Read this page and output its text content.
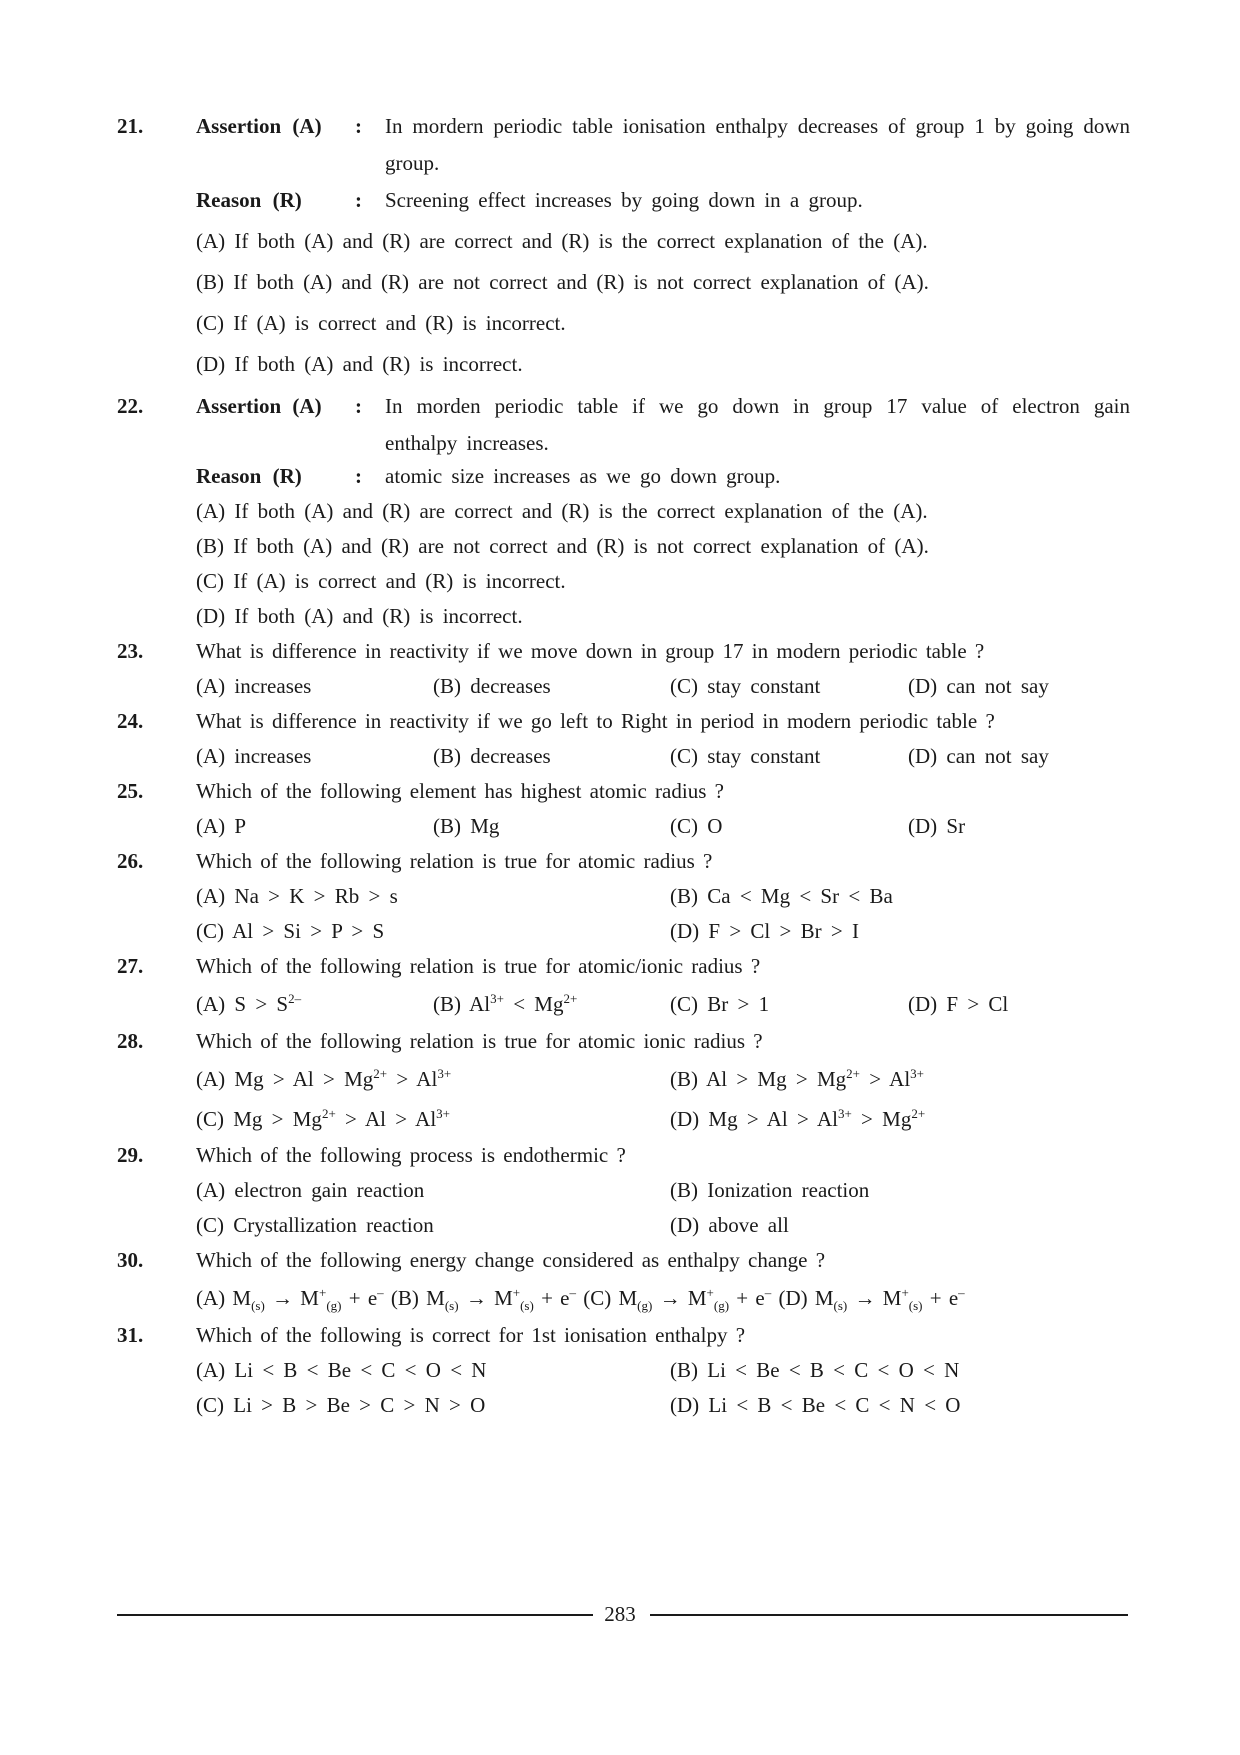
21.	Assertion (A) : In mordern periodic table ionisation enthalpy decreases of group 1 by going down group.
Reason (R)	: Screening effect increases by going down in a group.
(A) If both (A) and (R) are correct and (R) is the correct explanation of the (A).
(B) If both (A) and (R) are not correct and (R) is not correct explanation of (A).
(C) If (A) is correct and (R) is incorrect.
(D) If both (A) and (R) is incorrect.
22.	Assertion (A) : In morden periodic table if we go down in group 17 value of electron gain enthalpy increases.
Reason (R)	: atomic size increases as we go down group.
(A) If both (A) and (R) are correct and (R) is the correct explanation of the (A).
(B) If both (A) and (R) are not correct and (R) is not correct explanation of (A).
(C) If (A) is correct and (R) is incorrect.
(D) If both (A) and (R) is incorrect.
23.	What is difference in reactivity if we move down in group 17 in modern periodic table ?
(A) increases	(B) decreases	(C) stay constant	(D) can not say
24.	What is difference in reactivity if we go left to Right in period in modern periodic table ?
(A) increases	(B) decreases	(C) stay constant	(D) can not say
25.	Which of the following element has highest atomic radius ?
(A) P	(B) Mg	(C) O	(D) Sr
26.	Which of the following relation is true for atomic radius ?
(A) Na > K > Rb > s	(B) Ca < Mg < Sr < Ba
(C) Al > Si > P > S	(D) F > Cl > Br > I
27.	Which of the following relation is true for atomic/ionic radius ?
(A) $S > S^{2-}$	(B) $Al^{3+} < Mg^{2+}$	(C) Br > 1	(D) F > Cl
28.	Which of the following relation is true for atomic ionic radius ?
(A) $Mg > Al > Mg^{2+} > Al^{3+}$	(B) $Al > Mg > Mg^{2+} > Al^{3+}$
(C) $Mg > Mg^{2+} > Al > Al^{3+}$	(D) $Mg > Al > Al^{3+} > Mg^{2+}$
29.	Which of the following process is endothermic ?
(A) electron gain reaction	(B) Ionization reaction
(C) Crystallization reaction	(D) above all
30.	Which of the following energy change considered as enthalpy change ?
(A) $M_{(s)} \to M^+_{(g)} + e^-$ (B) $M_{(s)} \to M^+_{(s)} + e^-$ (C) $M_{(g)} \to M^+_{(g)} + e^-$ (D) $M_{(s)} \to M^+_{(s)} + e^-$
31.	Which of the following is correct for 1st ionisation enthalpy ?
(A) Li < B < Be < C < O < N	(B) Li < Be < B < C < O < N
(C) Li > B > Be > C > N > O	(D) Li < B < Be < C < N < O
283
